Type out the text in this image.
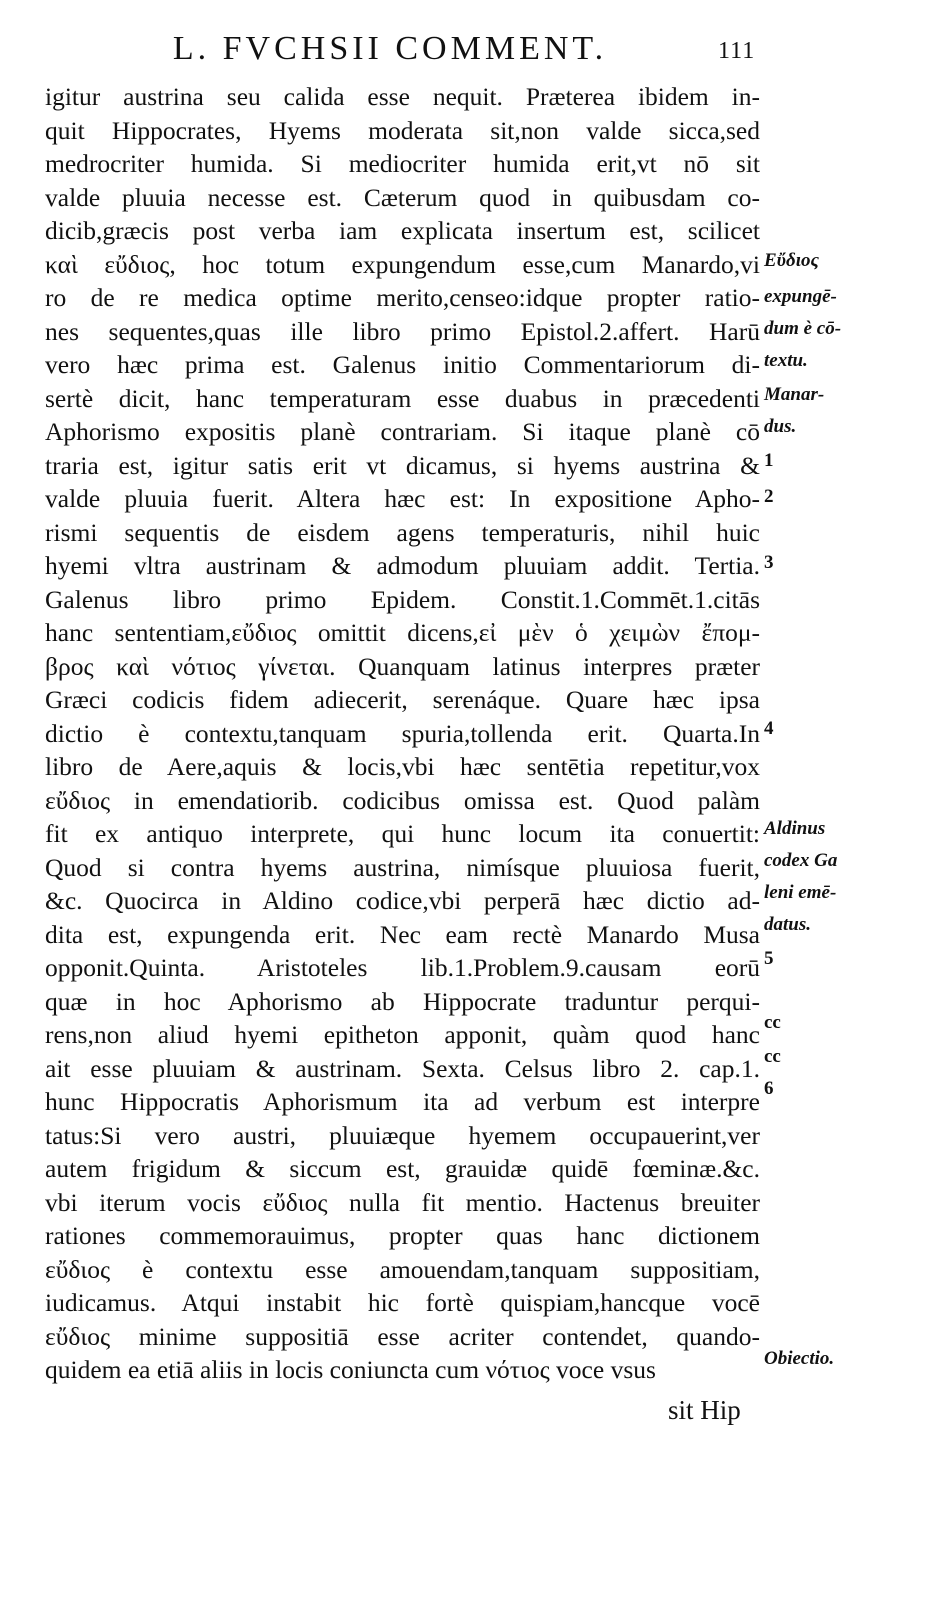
L. FVCHSII COMMENT.	111
igitur austrina seu calida esse nequit. Præterea ibidem in-
quit Hippocrates, Hyems moderata sit,non valde sicca,sed
medrocriter humida. Si mediocriter humida erit,vt nō sit
valde pluuia necesse est. Cæterum quod in quibusdam co-
dicib,græcis post verba iam explicata insertum est, scilicet
καὶ εὔδιος, hoc totum expungendum esse,cum Manardo,vi
ro de re medica optime merito,censeo:idque propter ratio-
nes sequentes,quas ille libro primo Epistol.2.affert. Harū
vero hæc prima est. Galenus initio Commentariorum di-
sertè dicit, hanc temperaturam esse duabus in præcedenti
Aphorismo expositis planè contrariam. Si itaque planè cō
traria est, igitur satis erit vt dicamus, si hyems austrina &
valde pluuia fuerit. Altera hæc est: In expositione Apho-
rismi sequentis de eisdem agens temperaturis, nihil huic
hyemi vltra austrinam & admodum pluuiam addit. Tertia.
Galenus libro primo Epidem. Constit.1.Commēt.1.citās
hanc sententiam,εὔδιος omittit dicens,εἰ μὲν ὁ χειμὼν ἔπομ-
βρος καὶ νότιος γίνεται. Quanquam latinus interpres præter
Græci codicis fidem adiecerit, serenáque. Quare hæc ipsa
dictio è contextu,tanquam spuria,tollenda erit. Quarta.In
libro de Aere,aquis & locis,vbi hæc sentētia repetitur,vox
εὔδιος in emendatiorib. codicibus omissa est. Quod palàm
fit ex antiquo interprete, qui hunc locum ita conuertit:
Quod si contra hyems austrina, nimísque pluuiosa fuerit,
&c. Quocirca in Aldino codice,vbi perperā hæc dictio ad-
dita est, expungenda erit. Nec eam rectè Manardo Musa
opponit.Quinta. Aristoteles lib.1.Problem.9.causam eorū
quæ in hoc Aphorismo ab Hippocrate traduntur perqui-
rens,non aliud hyemi epitheton apponit, quàm quod hanc
ait esse pluuiam & austrinam. Sexta. Celsus libro 2. cap.1.
hunc Hippocratis Aphorismum ita ad verbum est interpre
tatus:Si vero austri, pluuiæque hyemem occupauerint,ver
autem frigidum & siccum est, grauidæ quidē fœminæ.&c.
vbi iterum vocis εὔδιος nulla fit mentio. Hactenus breuiter
rationes commemorauimus, propter quas hanc dictionem
εὔδιος è contextu esse amouendam,tanquam suppositiam,
iudicamus. Atqui instabit hic fortè quispiam,hancque vocē
εὔδιος minime suppositiā esse acriter contendet, quando-
quidem ea etiā aliis in locis coniuncta cum νότιος voce vsus
sit Hip
Εὔδιος
expungē-
dum è cō-
textu.
Manar-
dus.
1
2
3
4
Aldinus
codex Ga
leni emē-
datus.
5
cc
cc
6
Obiectio.
